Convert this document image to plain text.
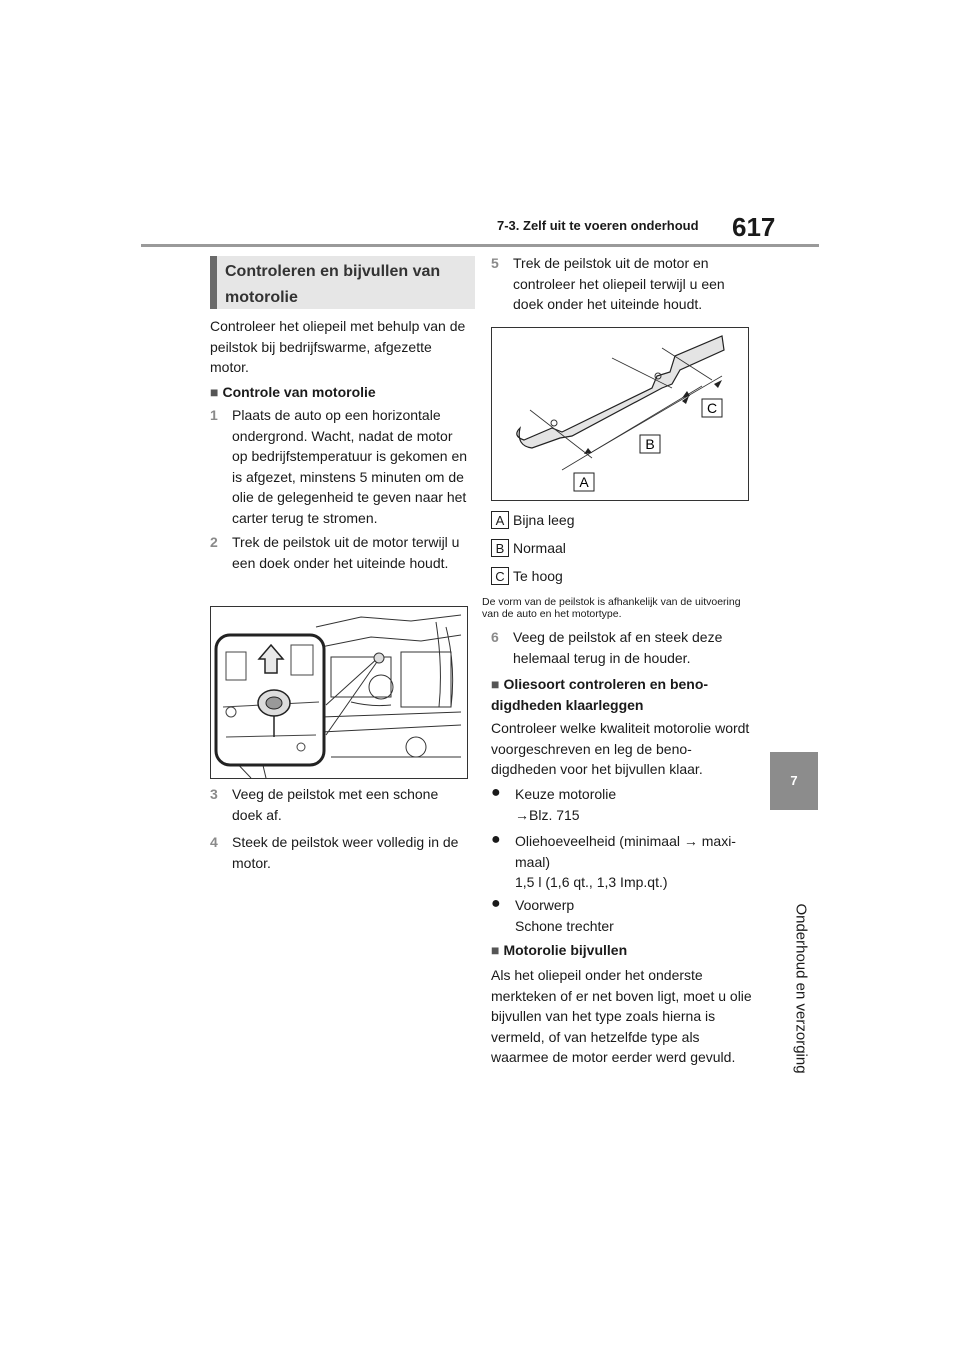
7-3. Zelf uit te voeren onderhoud 617
7
Onderhoud en verzorging
Controleren en bijvullen van motorolie
Controleer het oliepeil met behulp van de peilstok bij bedrijfswarme, afgezette motor.
■ Controle van motorolie
1 Plaats de auto op een horizontale ondergrond. Wacht, nadat de motor op bedrijfstemperatuur is gekomen en is afgezet, minstens 5 minuten om de olie de gelegenheid te geven naar het carter terug te stromen.
2 Trek de peilstok uit de motor terwijl u een doek onder het uiteinde houdt.
3 Veeg de peilstok met een schone doek af.
4 Steek de peilstok weer volledig in de motor.
5 Trek de peilstok uit de motor en controleer het oliepeil terwijl u een doek onder het uiteinde houdt.
A
B
C
A Bijna leeg
B Normaal
C Te hoog
De vorm van de peilstok is afhankelijk van de uitvoering van de auto en het motortype.
6 Veeg de peilstok af en steek deze helemaal terug in de houder.
■ Oliesoort controleren en beno- digdheden klaarleggen
Controleer welke kwaliteit motorolie wordt voorgeschreven en leg de beno- digdheden voor het bijvullen klaar.
● Keuze motorolie
→Blz. 715
● Oliehoeveelheid (minimaal → maxi- maal)
1,5 l (1,6 qt., 1,3 Imp.qt.)
● Voorwerp
Schone trechter
■ Motorolie bijvullen
Als het oliepeil onder het onderste merkteken of er net boven ligt, moet u olie bijvullen van het type zoals hierna is vermeld, of van hetzelfde type als waarmee de motor eerder werd gevuld.
